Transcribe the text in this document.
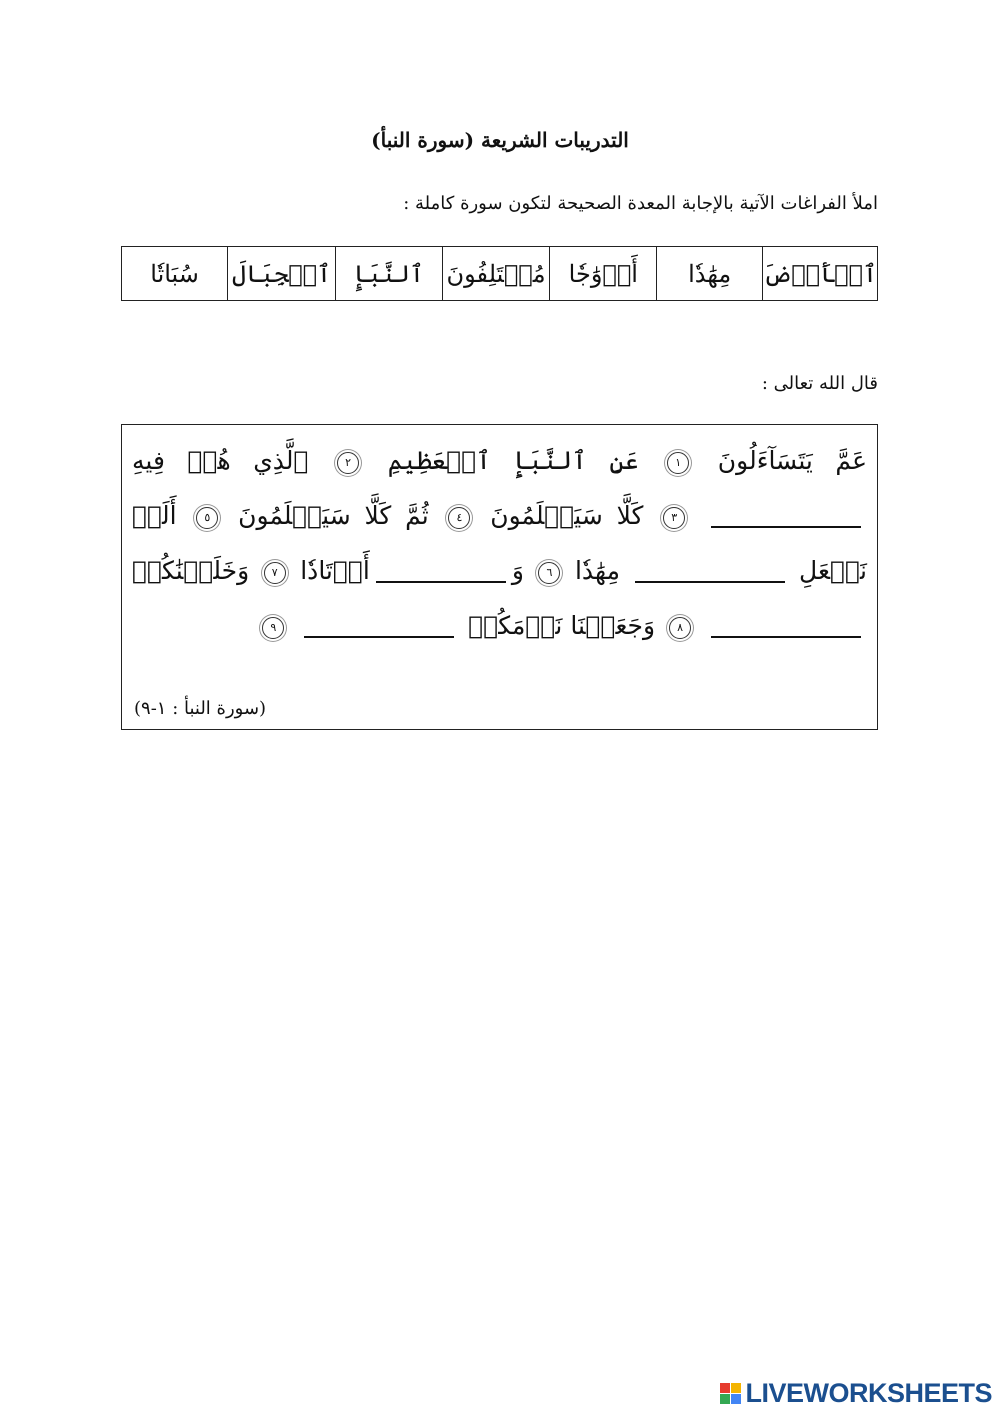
التدريبات الشريعة (سورة النبأ)
املأ الفراغات الآتية بالإجابة المعدة الصحيحة لتكون سورة كاملة :
ٱلۡأَرۡضَ	مِهَٰدٗا	أَزۡوَٰجٗا	مُخۡتَلِفُونَ	ٱلنَّبَإِ	ٱلۡجِبَالَ	سُبَاتٗا
قال الله تعالى :
عَمَّ يَتَسَآءَلُونَ ١ عَنِ ٱلنَّبَإِ ٱلۡعَظِيمِ ٢ ٱلَّذِي هُمۡ فِيهِ  ٣ كَلَّا سَيَعۡلَمُونَ ٤ ثُمَّ كَلَّا سَيَعۡلَمُونَ ٥ أَلَمۡ نَجۡعَلِ  مِهَٰدٗا ٦ وَأَوۡتَادٗا ٧ وَخَلَقۡنَٰكُمۡ  ٨ وَجَعَلۡنَا نَوۡمَكُمۡ  ٩
(سورة النبأ : ١-٩)
LIVEWORKSHEETS
